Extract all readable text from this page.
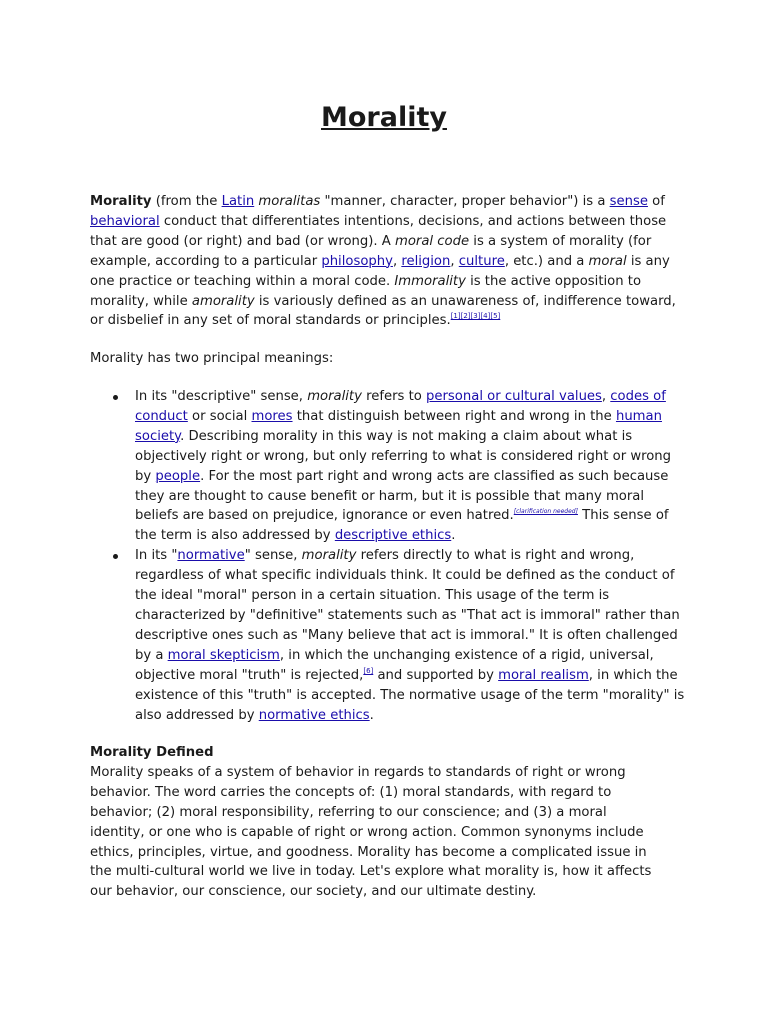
Morality

Morality (from the Latin moralitas "manner, character, proper behavior") is a sense of behavioral conduct that differentiates intentions, decisions, and actions between those that are good (or right) and bad (or wrong). A moral code is a system of morality (for example, according to a particular philosophy, religion, culture, etc.) and a moral is any one practice or teaching within a moral code. Immorality is the active opposition to morality, while amorality is variously defined as an unawareness of, indifference toward, or disbelief in any set of moral standards or principles.[1][2][3][4][5]

Morality has two principal meanings:

In its "descriptive" sense, morality refers to personal or cultural values, codes of conduct or social mores that distinguish between right and wrong in the human society. Describing morality in this way is not making a claim about what is objectively right or wrong, but only referring to what is considered right or wrong by people. For the most part right and wrong acts are classified as such because they are thought to cause benefit or harm, but it is possible that many moral beliefs are based on prejudice, ignorance or even hatred.[clarification needed] This sense of the term is also addressed by descriptive ethics.
In its "normative" sense, morality refers directly to what is right and wrong, regardless of what specific individuals think. It could be defined as the conduct of the ideal "moral" person in a certain situation. This usage of the term is characterized by "definitive" statements such as "That act is immoral" rather than descriptive ones such as "Many believe that act is immoral." It is often challenged by a moral skepticism, in which the unchanging existence of a rigid, universal, objective moral "truth" is rejected,[6] and supported by moral realism, in which the existence of this "truth" is accepted. The normative usage of the term "morality" is also addressed by normative ethics.
Morality Defined
Morality speaks of a system of behavior in regards to standards of right or wrong behavior. The word carries the concepts of: (1) moral standards, with regard to behavior; (2) moral responsibility, referring to our conscience; and (3) a moral identity, or one who is capable of right or wrong action. Common synonyms include ethics, principles, virtue, and goodness. Morality has become a complicated issue in the multi-cultural world we live in today. Let's explore what morality is, how it affects our behavior, our conscience, our society, and our ultimate destiny.
